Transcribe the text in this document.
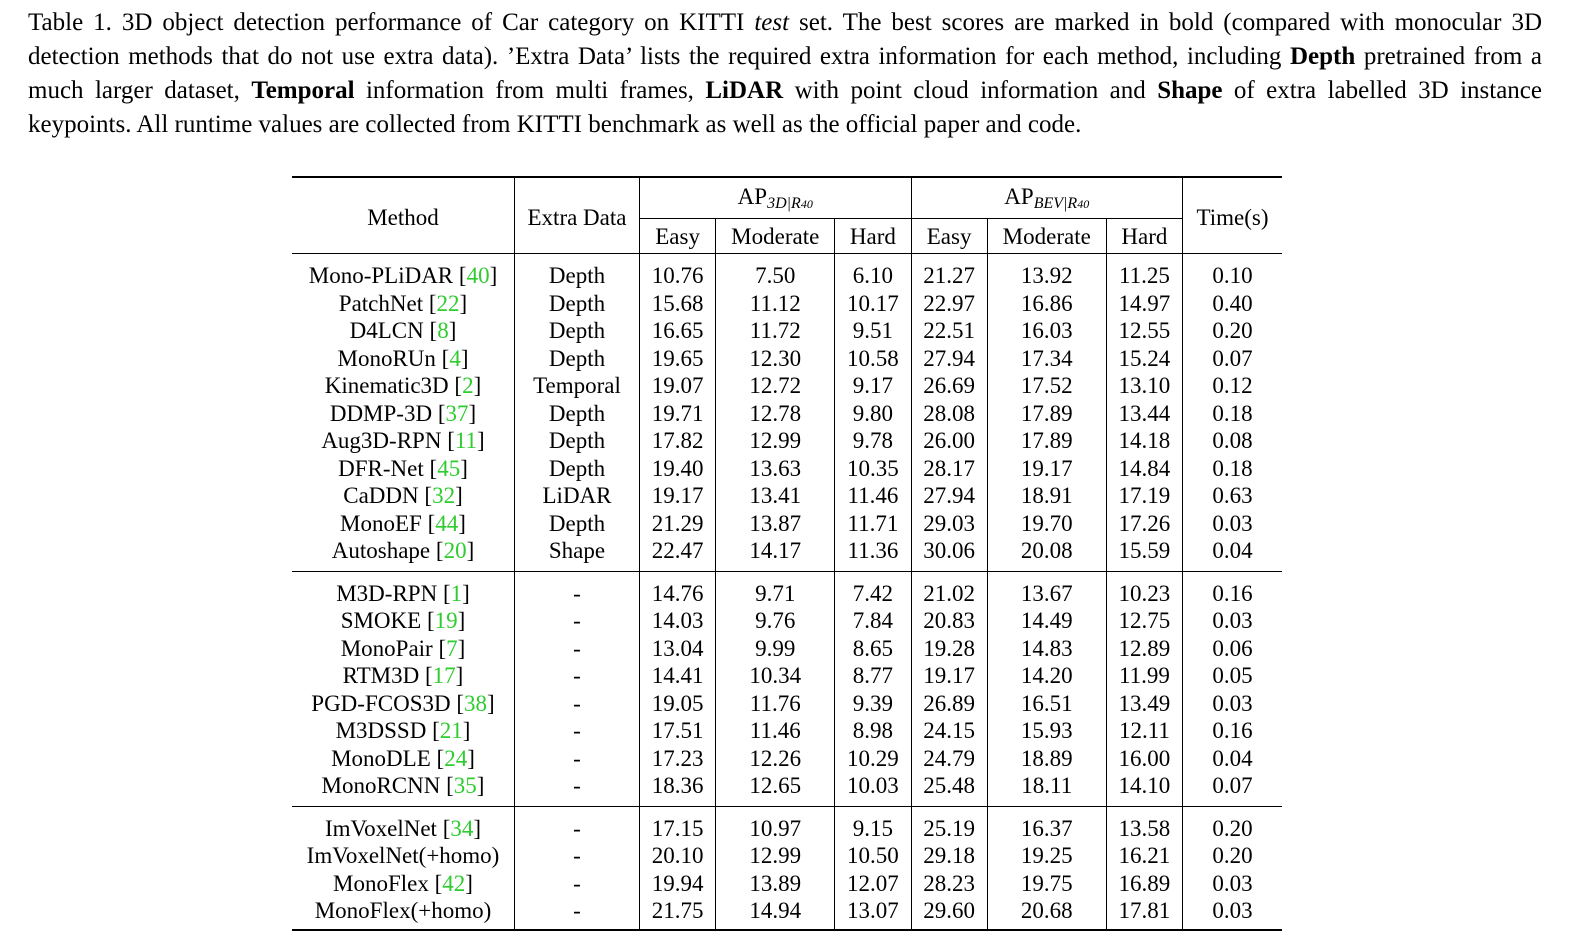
Table 1. 3D object detection performance of Car category on KITTI test set. The best scores are marked in bold (compared with monocular 3D detection methods that do not use extra data). ’Extra Data’ lists the required extra information for each method, including Depth pretrained from a much larger dataset, Temporal information from multi frames, LiDAR with point cloud information and Shape of extra labelled 3D instance keypoints. All runtime values are collected from KITTI benchmark as well as the official paper and code.

Method	Extra Data	$AP_{3D|R40}$			$AP_{BEV|R40}$			Time(s)
		Easy	Moderate	Hard	Easy	Moderate	Hard	
Mono-PLiDAR [40]	Depth	10.76	7.50	6.10	21.27	13.92	11.25	0.10
PatchNet [22]	Depth	15.68	11.12	10.17	22.97	16.86	14.97	0.40
D4LCN [8]	Depth	16.65	11.72	9.51	22.51	16.03	12.55	0.20
MonoRUn [4]	Depth	19.65	12.30	10.58	27.94	17.34	15.24	0.07
Kinematic3D [2]	Temporal	19.07	12.72	9.17	26.69	17.52	13.10	0.12
DDMP-3D [37]	Depth	19.71	12.78	9.80	28.08	17.89	13.44	0.18
Aug3D-RPN [11]	Depth	17.82	12.99	9.78	26.00	17.89	14.18	0.08
DFR-Net [45]	Depth	19.40	13.63	10.35	28.17	19.17	14.84	0.18
CaDDN [32]	LiDAR	19.17	13.41	11.46	27.94	18.91	17.19	0.63
MonoEF [44]	Depth	21.29	13.87	11.71	29.03	19.70	17.26	0.03
Autoshape [20]	Shape	22.47	14.17	11.36	30.06	20.08	15.59	0.04
M3D-RPN [1]	-	14.76	9.71	7.42	21.02	13.67	10.23	0.16
SMOKE [19]	-	14.03	9.76	7.84	20.83	14.49	12.75	0.03
MonoPair [7]	-	13.04	9.99	8.65	19.28	14.83	12.89	0.06
RTM3D [17]	-	14.41	10.34	8.77	19.17	14.20	11.99	0.05
PGD-FCOS3D [38]	-	19.05	11.76	9.39	26.89	16.51	13.49	0.03
M3DSSD [21]	-	17.51	11.46	8.98	24.15	15.93	12.11	0.16
MonoDLE [24]	-	17.23	12.26	10.29	24.79	18.89	16.00	0.04
MonoRCNN [35]	-	18.36	12.65	10.03	25.48	18.11	14.10	0.07
ImVoxelNet [34]	-	17.15	10.97	9.15	25.19	16.37	13.58	0.20
ImVoxelNet(+homo)	-	20.10	12.99	10.50	29.18	19.25	16.21	0.20
MonoFlex [42]	-	19.94	13.89	12.07	28.23	19.75	16.89	0.03
MonoFlex(+homo)	-	21.75	14.94	13.07	29.60	20.68	17.81	0.03
